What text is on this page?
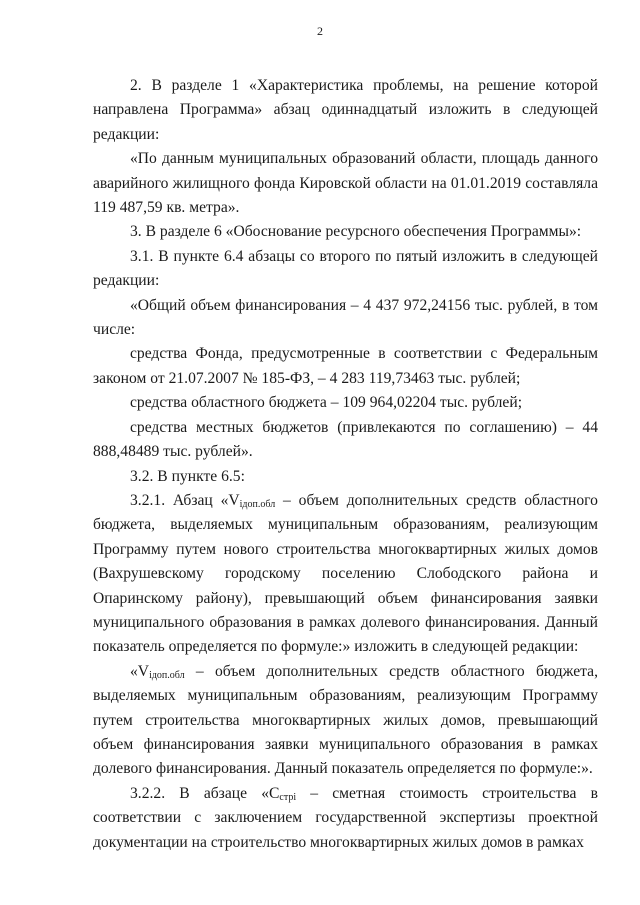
2

2. В разделе 1 «Характеристика проблемы, на решение которой направлена Программа» абзац одиннадцатый изложить в следующей редакции:

«По данным муниципальных образований области, площадь данного аварийного жилищного фонда Кировской области на 01.01.2019 составляла 119 487,59 кв. метра».

3. В разделе 6 «Обоснование ресурсного обеспечения Программы»:

3.1. В пункте 6.4 абзацы со второго по пятый изложить в следующей редакции:

«Общий объем финансирования – 4 437 972,24156 тыс. рублей, в том числе:

средства Фонда, предусмотренные в соответствии с Федеральным законом от 21.07.2007 № 185-ФЗ, – 4 283 119,73463 тыс. рублей;

средства областного бюджета – 109 964,02204 тыс. рублей;

средства местных бюджетов (привлекаются по соглашению) – 44 888,48489 тыс. рублей».

3.2. В пункте 6.5:

3.2.1. Абзац «$V_{iдоп.обл}$ – объем дополнительных средств областного бюджета, выделяемых муниципальным образованиям, реализующим Программу путем нового строительства многоквартирных жилых домов (Вахрушевскому городскому поселению Слободского района и Опаринскому району), превышающий объем финансирования заявки муниципального образования в рамках долевого финансирования. Данный показатель определяется по формуле:» изложить в следующей редакции:

«$V_{iдоп.обл}$ – объем дополнительных средств областного бюджета, выделяемых муниципальным образованиям, реализующим Программу путем строительства многоквартирных жилых домов, превышающий объем финансирования заявки муниципального образования в рамках долевого финансирования. Данный показатель определяется по формуле:».

3.2.2. В абзаце «$С_{стрi}$ – сметная стоимость строительства в соответствии с заключением государственной экспертизы проектной документации на строительство многоквартирных жилых домов в рамках
